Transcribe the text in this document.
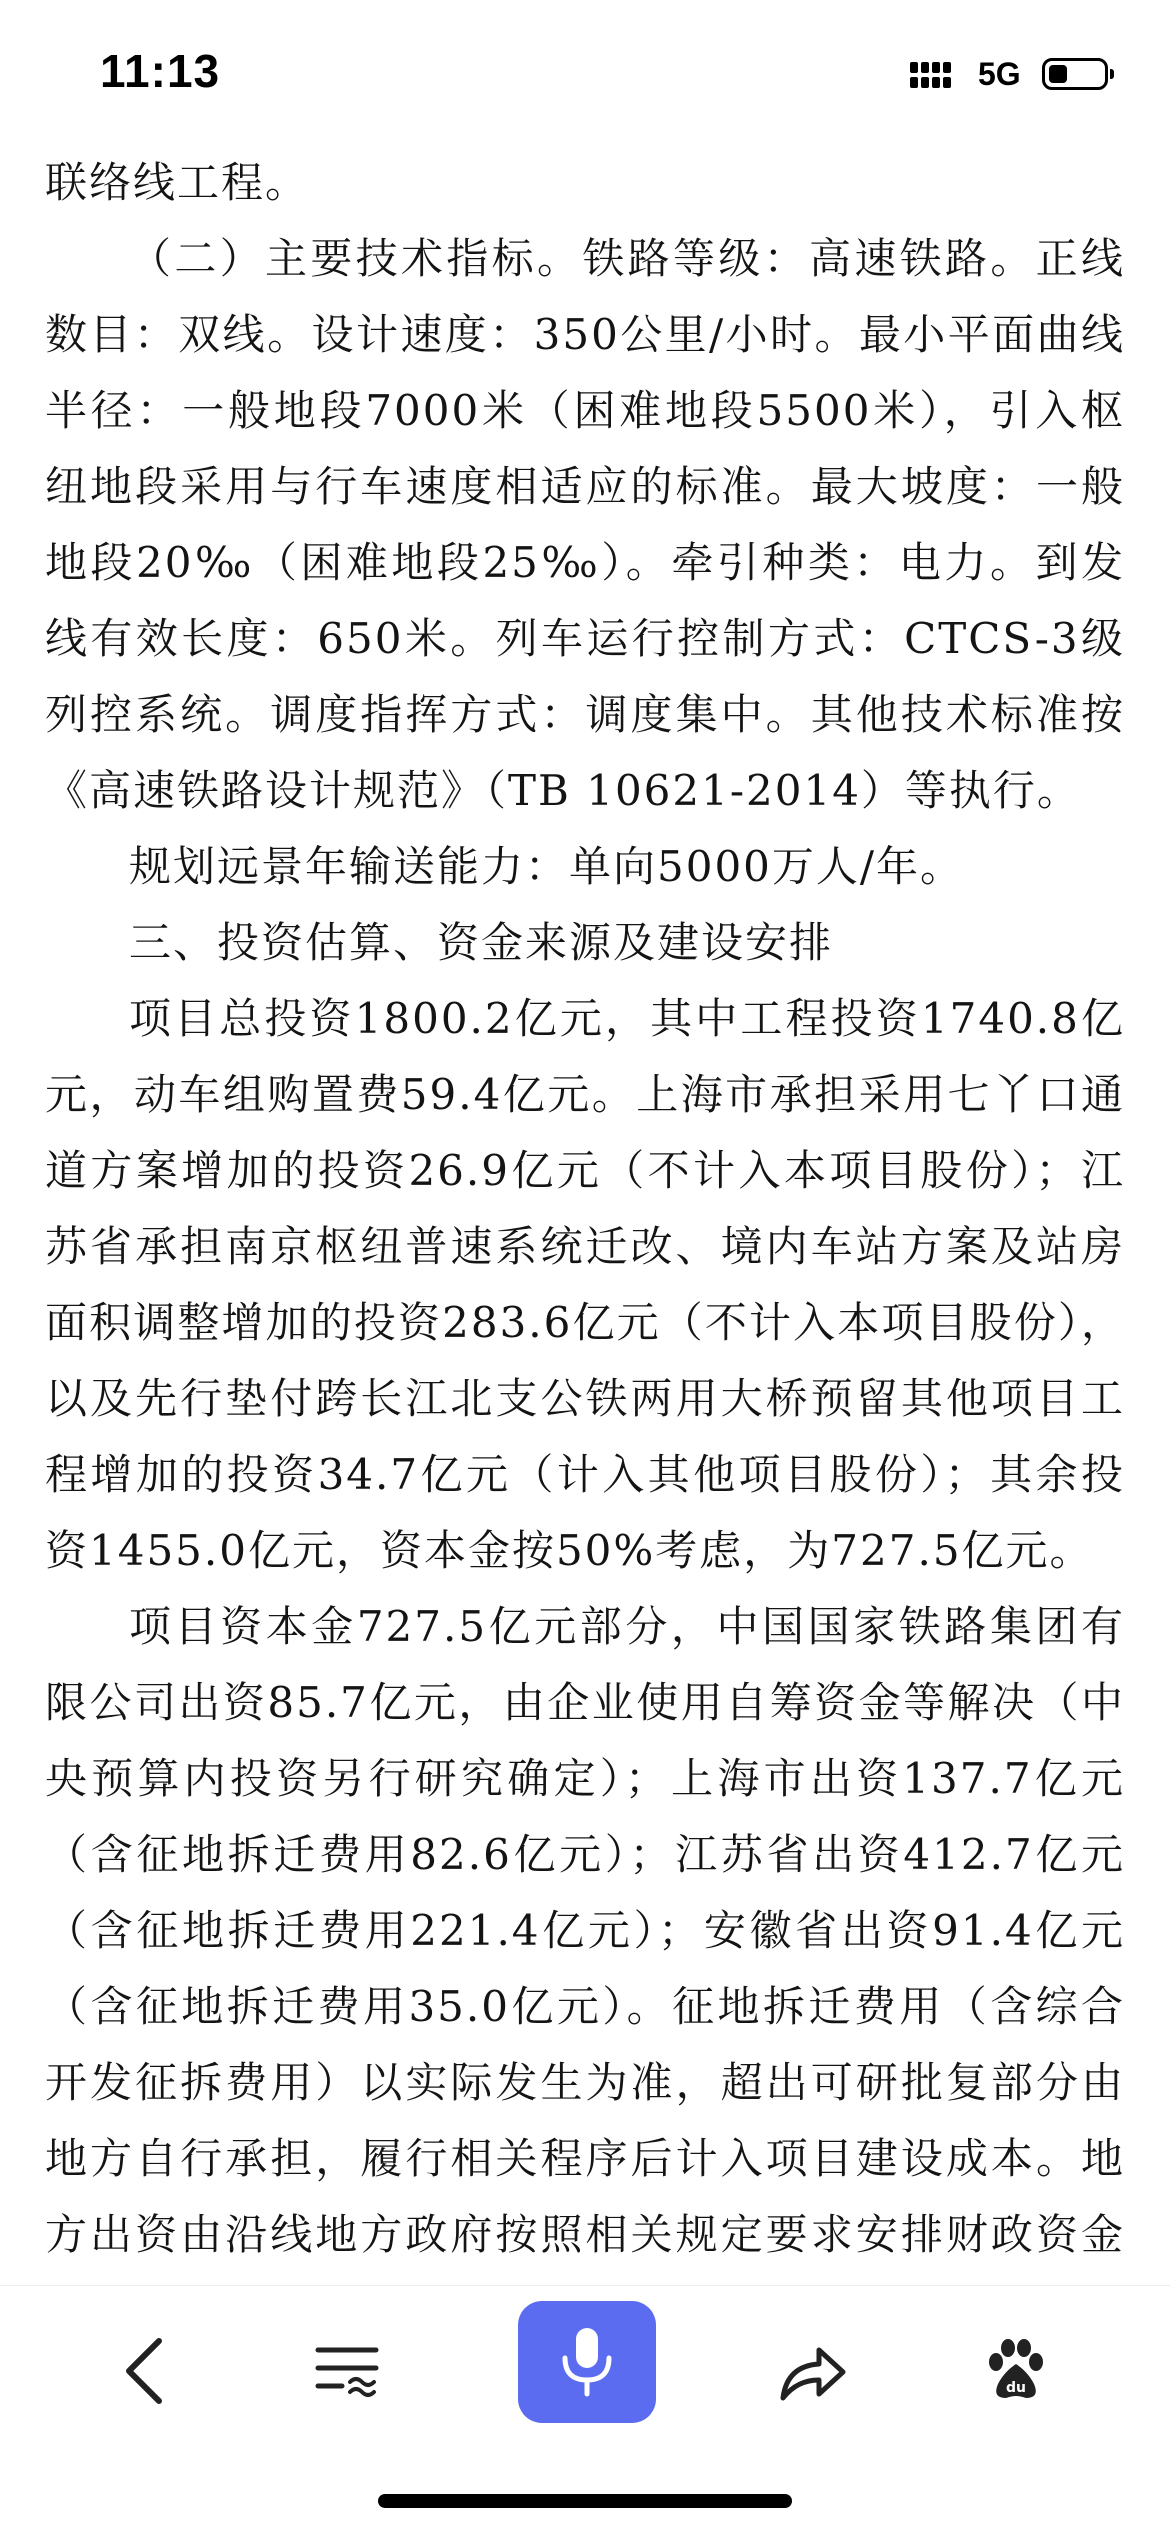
11:13	5G

联络线工程。

（二）主要技术指标。铁路等级：高速铁路。正线数目：双线。设计速度：350公里/小时。最小平面曲线半径：一般地段7000米（困难地段5500米），引入枢纽地段采用与行车速度相适应的标准。最大坡度：一般地段20‰（困难地段25‰）。牵引种类：电力。到发线有效长度：650米。列车运行控制方式：CTCS-3级列控系统。调度指挥方式：调度集中。其他技术标准按《高速铁路设计规范》（TB 10621-2014）等执行。

规划远景年输送能力：单向5000万人/年。

三、投资估算、资金来源及建设安排

项目总投资1800.2亿元，其中工程投资1740.8亿元，动车组购置费59.4亿元。上海市承担采用七丫口通道方案增加的投资26.9亿元（不计入本项目股份）；江苏省承担南京枢纽普速系统迁改、境内车站方案及站房面积调整增加的投资283.6亿元（不计入本项目股份），以及先行垫付跨长江北支公铁两用大桥预留其他项目工程增加的投资34.7亿元（计入其他项目股份）；其余投资1455.0亿元，资本金按50%考虑，为727.5亿元。

项目资本金727.5亿元部分，中国国家铁路集团有限公司出资85.7亿元，由企业使用自筹资金等解决（中央预算内投资另行研究确定）；上海市出资137.7亿元（含征地拆迁费用82.6亿元）；江苏省出资412.7亿元（含征地拆迁费用221.4亿元）；安徽省出资91.4亿元（含征地拆迁费用35.0亿元）。征地拆迁费用（含综合开发征拆费用）以实际发生为准，超出可研批复部分由地方自行承担，履行相关程序后计入项目建设成本。地方出资由沿线地方政府按照相关规定要求安排财政资金

du
